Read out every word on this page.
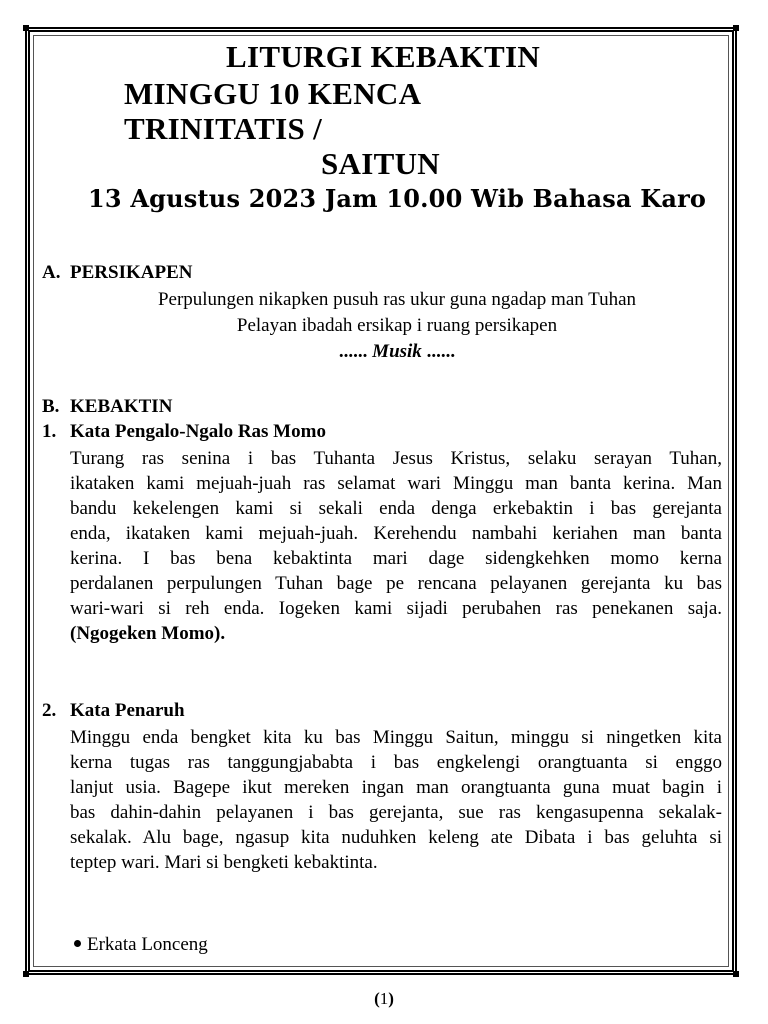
LITURGI KEBAKTIN
MINGGU 10 KENCA
TRINITATIS /
SAITUN
13 Agustus 2023 Jam 10.00 Wib Bahasa Karo
A. PERSIKAPEN
Perpulungen nikapken pusuh ras ukur guna ngadap man Tuhan
Pelayan ibadah ersikap i ruang persikapen
...... Musik ......
B. KEBAKTIN
1. Kata Pengalo-Ngalo Ras Momo
Turang ras senina i bas Tuhanta Jesus Kristus, selaku serayan Tuhan,
ikataken kami mejuah-juah ras selamat wari Minggu man banta kerina. Man
bandu kekelengen kami si sekali enda denga erkebaktin i bas gerejanta
enda, ikataken kami mejuah-juah. Kerehendu nambahi keriahen man banta
kerina. I bas bena kebaktinta mari dage sidengkehken momo kerna
perdalanen perpulungen Tuhan bage pe rencana pelayanen gerejanta ku bas
wari-wari si reh enda. Iogeken kami sijadi perubahen ras penekanen saja.
(Ngogeken Momo).
2. Kata Penaruh
Minggu enda bengket kita ku bas Minggu Saitun, minggu si ningetken kita
kerna tugas ras tanggungjababta i bas engkelengi orangtuanta si enggo
lanjut usia. Bagepe ikut mereken ingan man orangtuanta guna muat bagin i
bas dahin-dahin pelayanen i bas gerejanta, sue ras kengasupenna sekalak-
sekalak. Alu bage, ngasup kita nuduhken keleng ate Dibata i bas geluhta si
teptep wari. Mari si bengketi kebaktinta.
Erkata Lonceng
(1)
